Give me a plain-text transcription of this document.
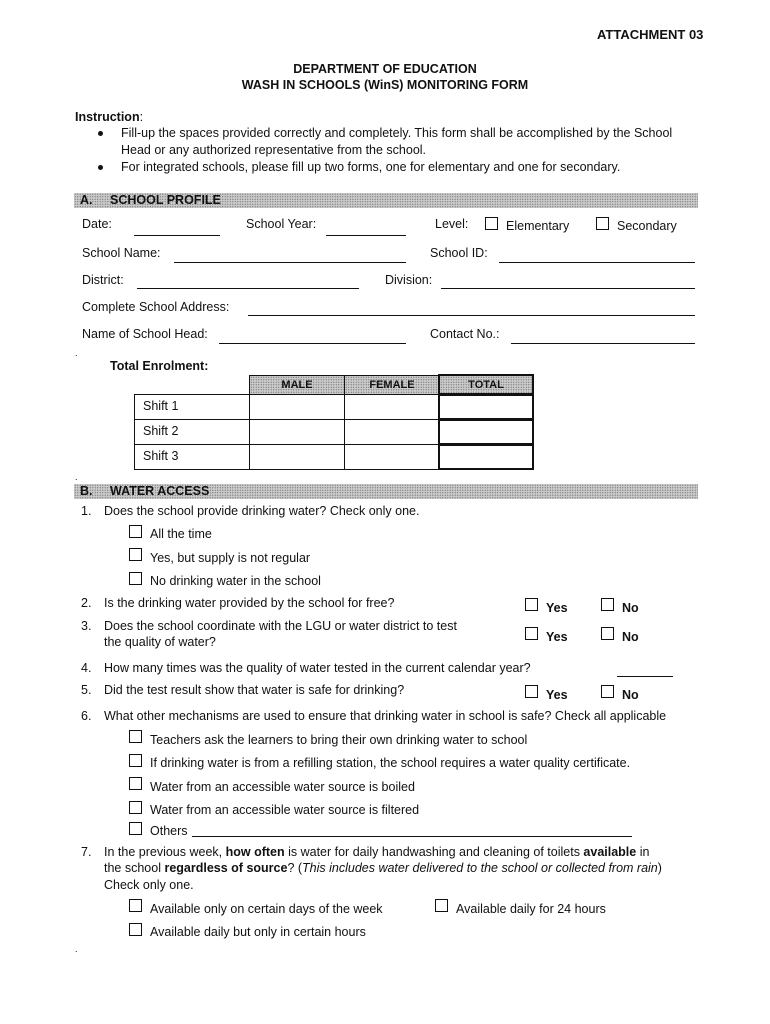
ATTACHMENT 03
DEPARTMENT OF EDUCATION
WASH IN SCHOOLS (WinS) MONITORING FORM
Instruction:
Fill-up the spaces provided correctly and completely. This form shall be accomplished by the School
Head or any authorized representative from the school.
For integrated schools, please fill up two forms, one for elementary and one for secondary.
A. SCHOOL PROFILE
Date:	School Year:	Level:	Elementary	Secondary
School Name:	School ID:
District:	Division:
Complete School Address:
Name of School Head:	Contact No.:
.
Total Enrolment:
MALE	FEMALE	TOTAL
Shift 1
Shift 2
Shift 3
.
B. WATER ACCESS
1. Does the school provide drinking water? Check only one.
All the time
Yes, but supply is not regular
No drinking water in the school
2. Is the drinking water provided by the school for free?	Yes	No
3. Does the school coordinate with the LGU or water district to test
the quality of water?	Yes	No
4. How many times was the quality of water tested in the current calendar year?
5. Did the test result show that water is safe for drinking?	Yes	No
6. What other mechanisms are used to ensure that drinking water in school is safe? Check all applicable
Teachers ask the learners to bring their own drinking water to school
If drinking water is from a refilling station, the school requires a water quality certificate.
Water from an accessible water source is boiled
Water from an accessible water source is filtered
Others
7. In the previous week, how often is water for daily handwashing and cleaning of toilets available in
the school regardless of source? (This includes water delivered to the school or collected from rain)
Check only one.
Available only on certain days of the week	Available daily for 24 hours
Available daily but only in certain hours
.
